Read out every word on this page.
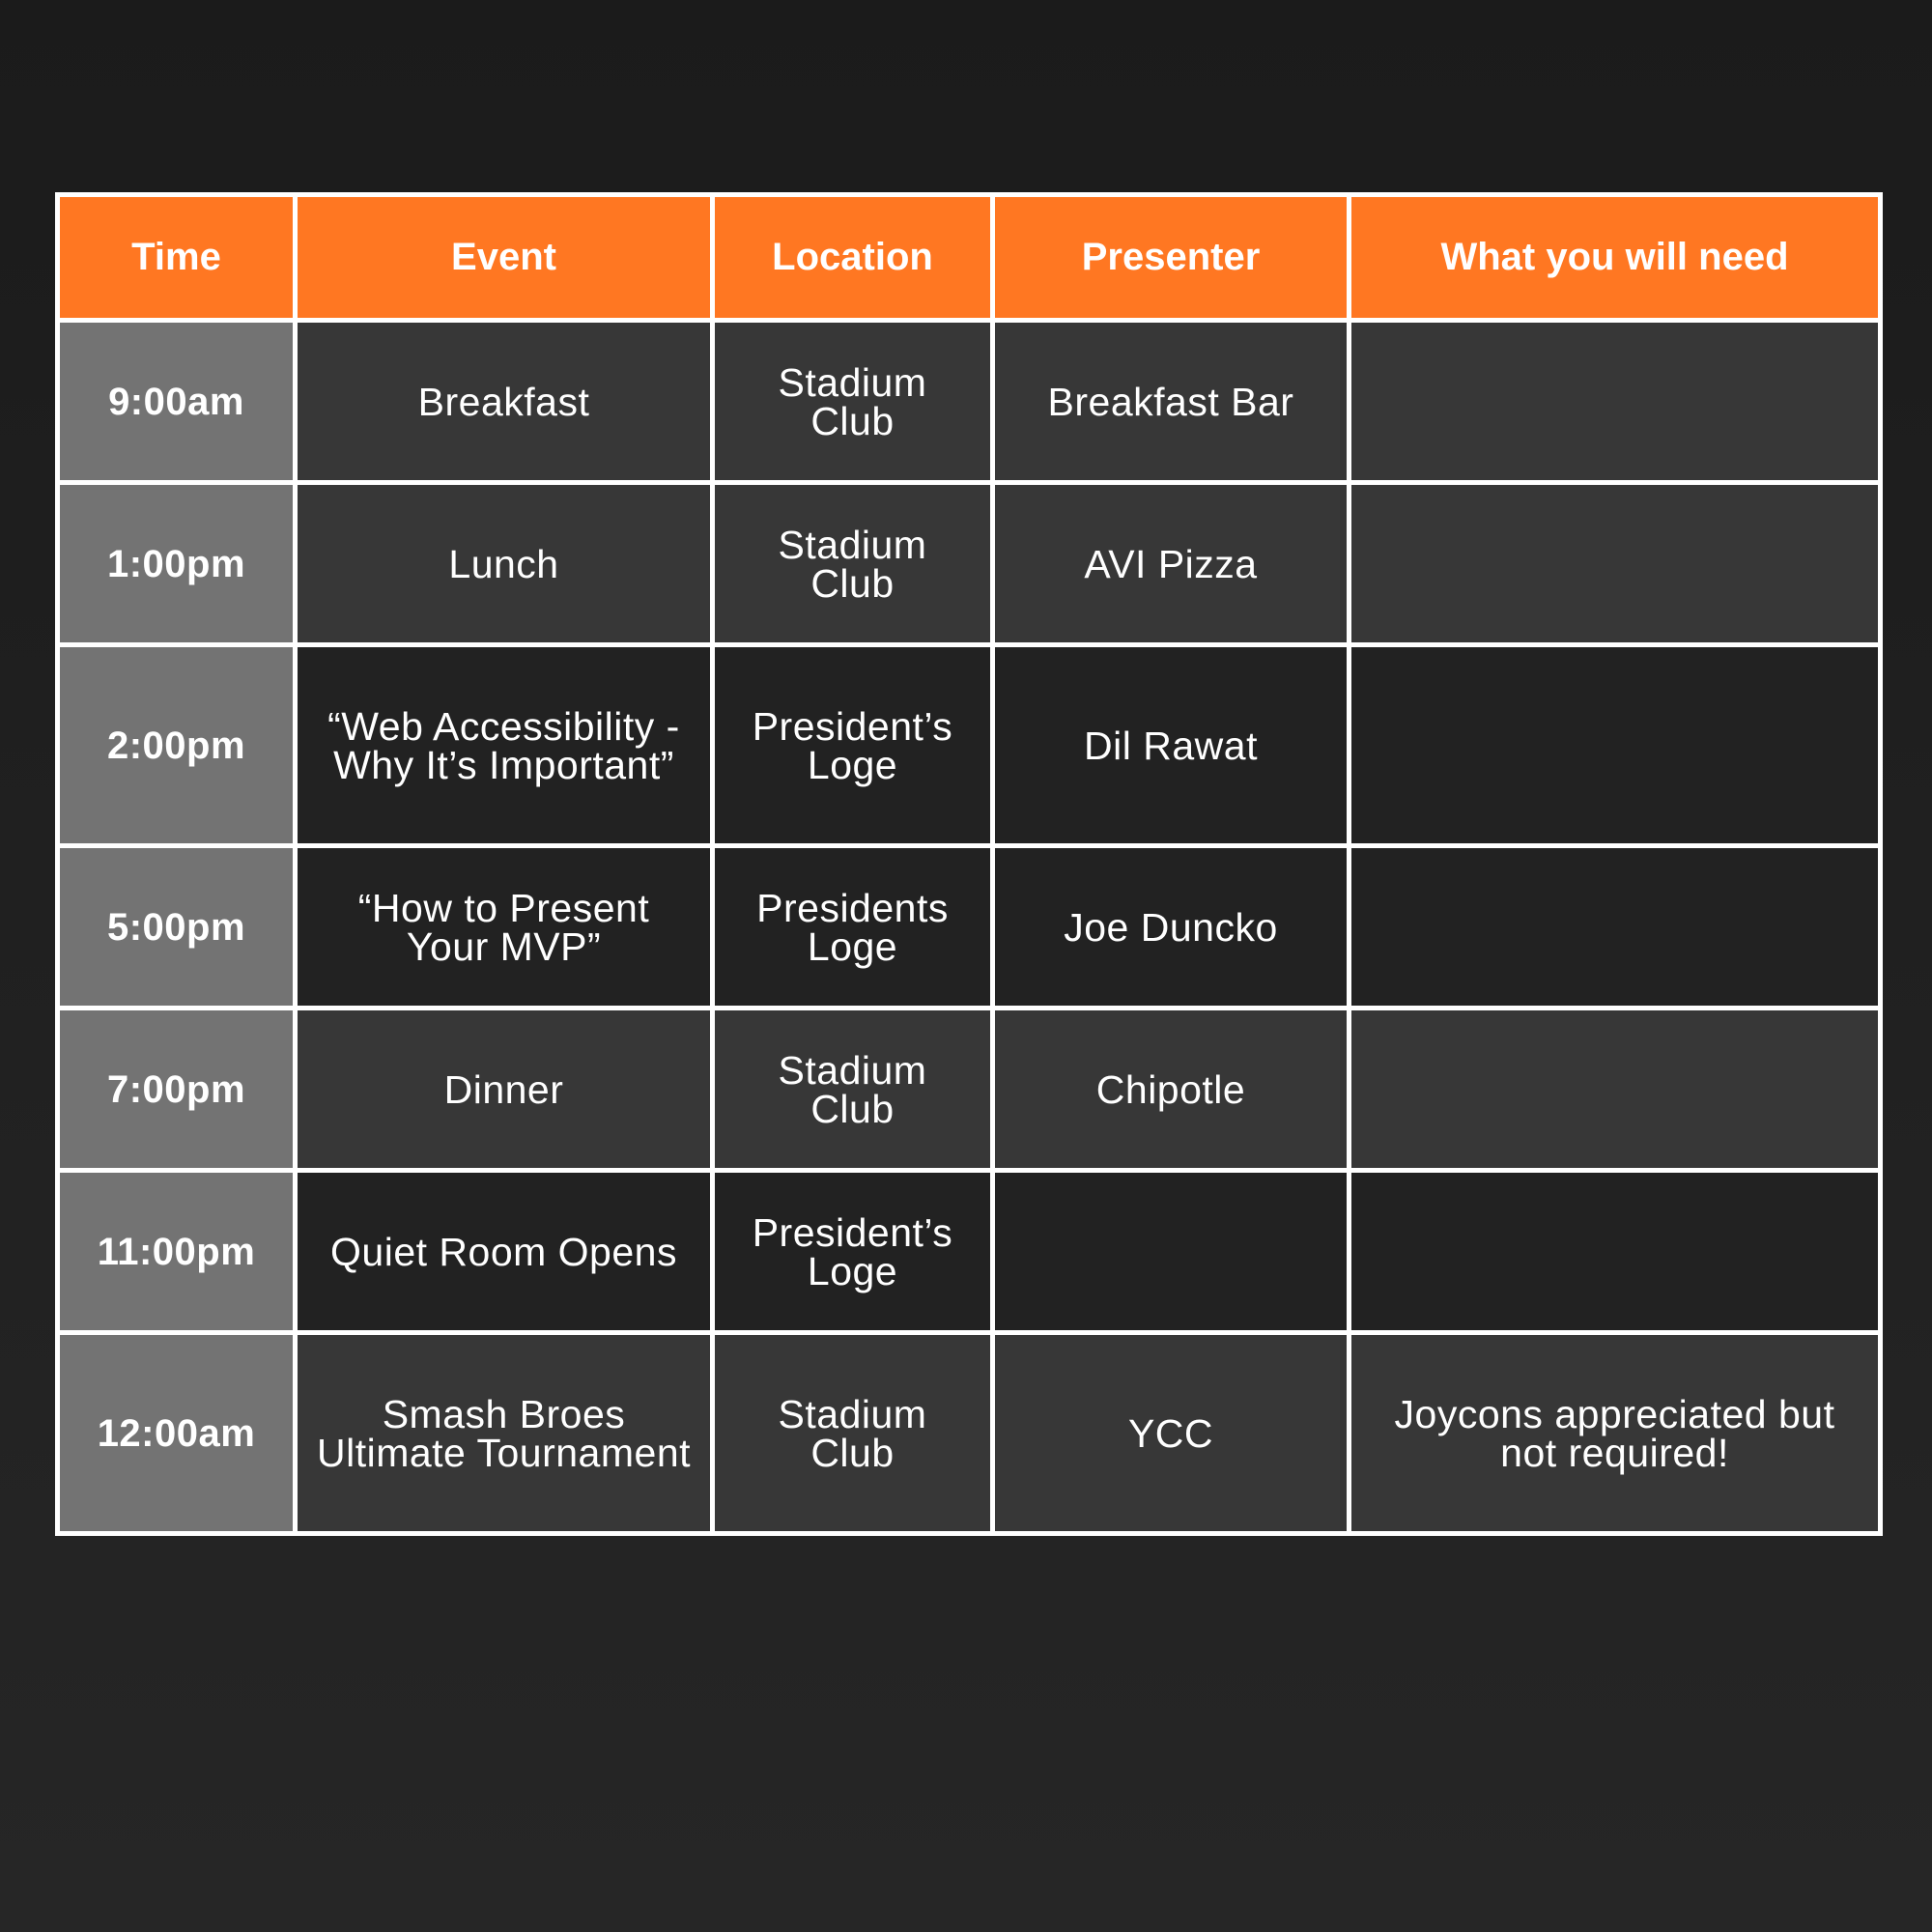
Time	Event	Location	Presenter	What you will need
9:00am	Breakfast	Stadium Club	Breakfast Bar	
1:00pm	Lunch	Stadium Club	AVI Pizza	
2:00pm	“Web Accessibility - Why It’s Important”	President’s Loge	Dil Rawat	
5:00pm	“How to Present Your MVP”	Presidents Loge	Joe Duncko	
7:00pm	Dinner	Stadium Club	Chipotle	
11:00pm	Quiet Room Opens	President’s Loge		
12:00am	Smash Broes Ultimate Tournament	Stadium Club	YCC	Joycons appreciated but not required!
